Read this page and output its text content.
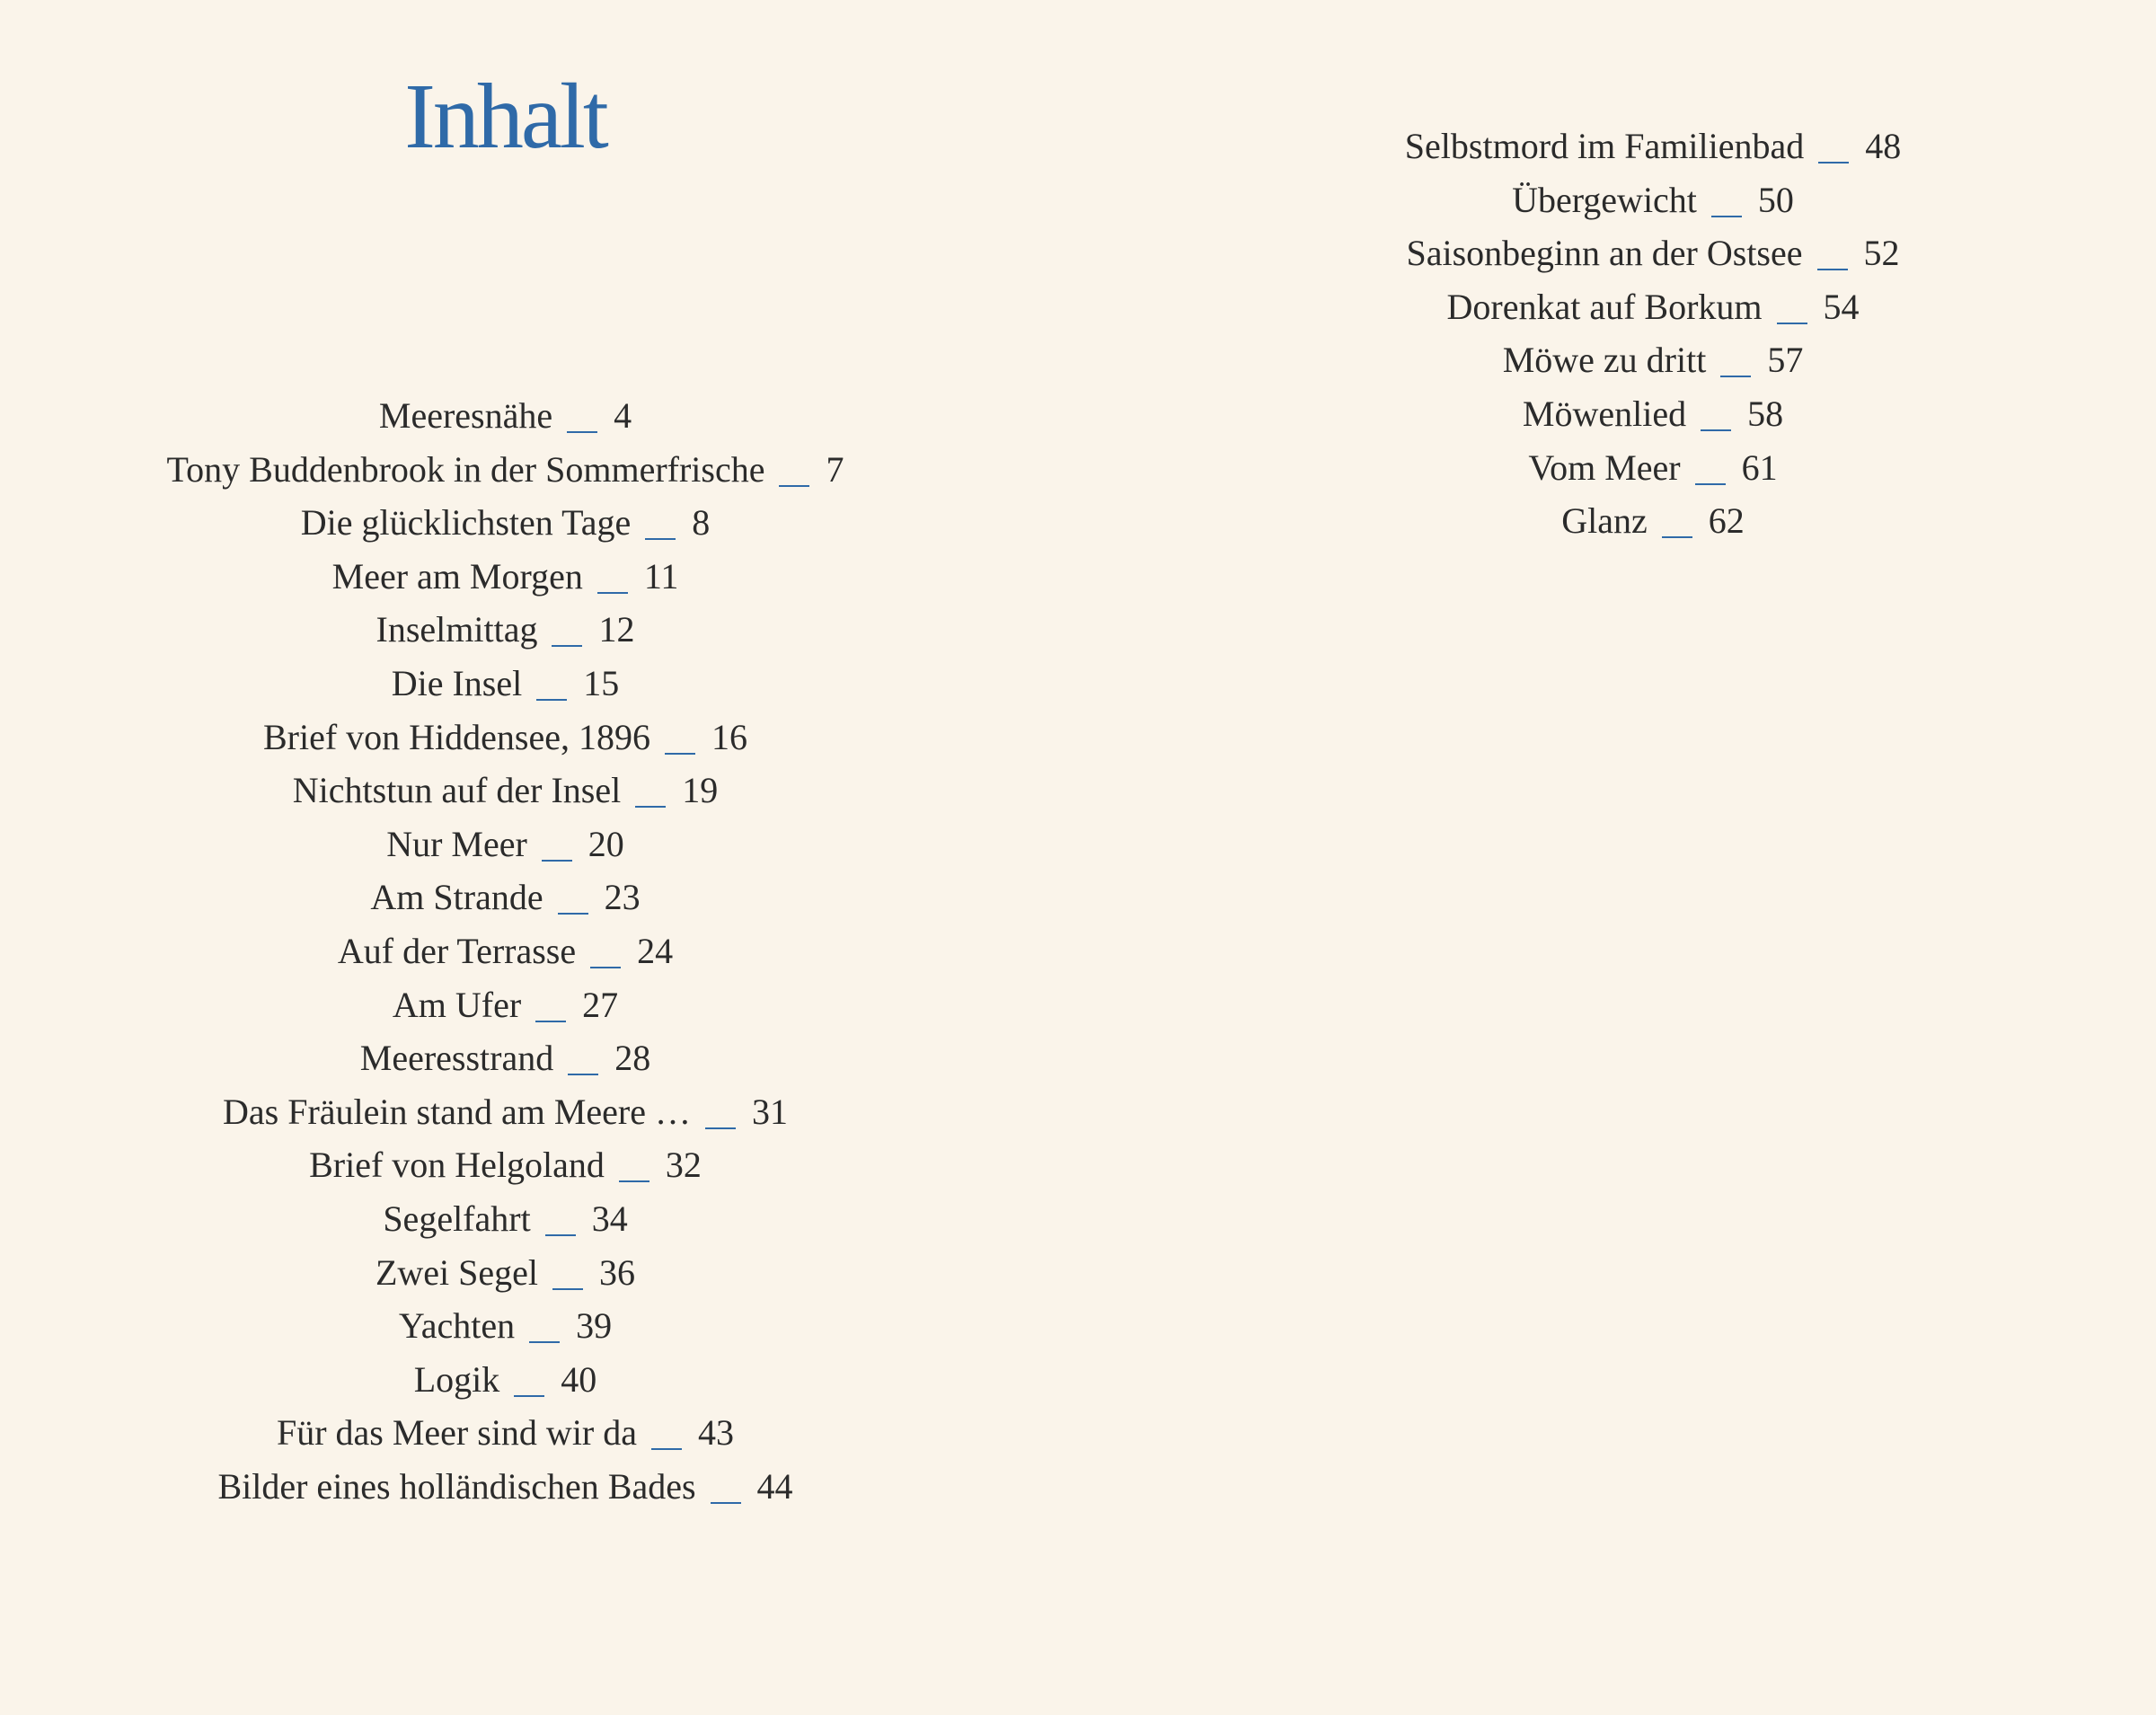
Inhalt
Meeresnähe 4
Tony Buddenbrook in der Sommerfrische 7
Die glücklichsten Tage 8
Meer am Morgen 11
Inselmittag 12
Die Insel 15
Brief von Hiddensee, 1896 16
Nichtstun auf der Insel 19
Nur Meer 20
Am Strande 23
Auf der Terrasse 24
Am Ufer 27
Meeresstrand 28
Das Fräulein stand am Meere … 31
Brief von Helgoland 32
Segelfahrt 34
Zwei Segel 36
Yachten 39
Logik 40
Für das Meer sind wir da 43
Bilder eines holländischen Bades 44
Selbstmord im Familienbad 48
Übergewicht 50
Saisonbeginn an der Ostsee 52
Dorenkat auf Borkum 54
Möwe zu dritt 57
Möwenlied 58
Vom Meer 61
Glanz 62
